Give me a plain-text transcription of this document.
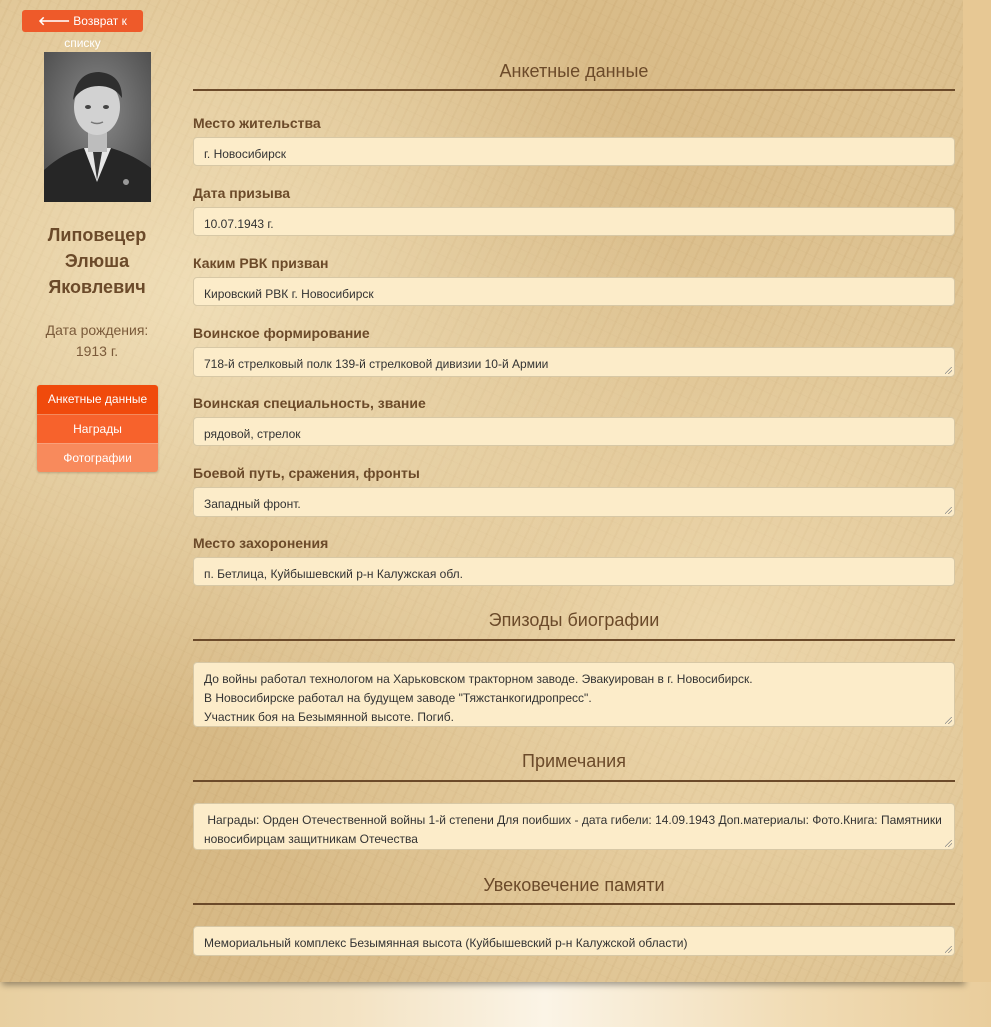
🡐 Возврат к списку
Липовецер
Элюша
Яковлевич
Дата рождения:
1913 г.
Анкетные данные
Награды
Фотографии
Анкетные данные
Место жительства
г. Новосибирск
Дата призыва
10.07.1943 г.
Каким РВК призван
Кировский РВК г. Новосибирск
Воинское формирование
718-й стрелковый полк 139-й стрелковой дивизии 10-й Армии
Воинская специальность, звание
рядовой, стрелок
Боевой путь, сражения, фронты
Западный фронт.
Место захоронения
п. Бетлица, Куйбышевский р-н Калужская обл.
Эпизоды биографии
До войны работал технологом на Харьковском тракторном заводе. Эвакуирован в г. Новосибирск.
В Новосибирске работал на будущем заводе "Тяжстанкогидропресс".
Участник боя на Безымянной высоте. Погиб.
Примечания
Награды: Орден Отечественной войны 1-й степени Для поибших - дата гибели: 14.09.1943 Доп.материалы: Фото.Книга: Памятники новосибирцам защитникам Отечества
Увековечение памяти
Мемориальный комплекс Безымянная высота (Куйбышевский р-н Калужской области)
